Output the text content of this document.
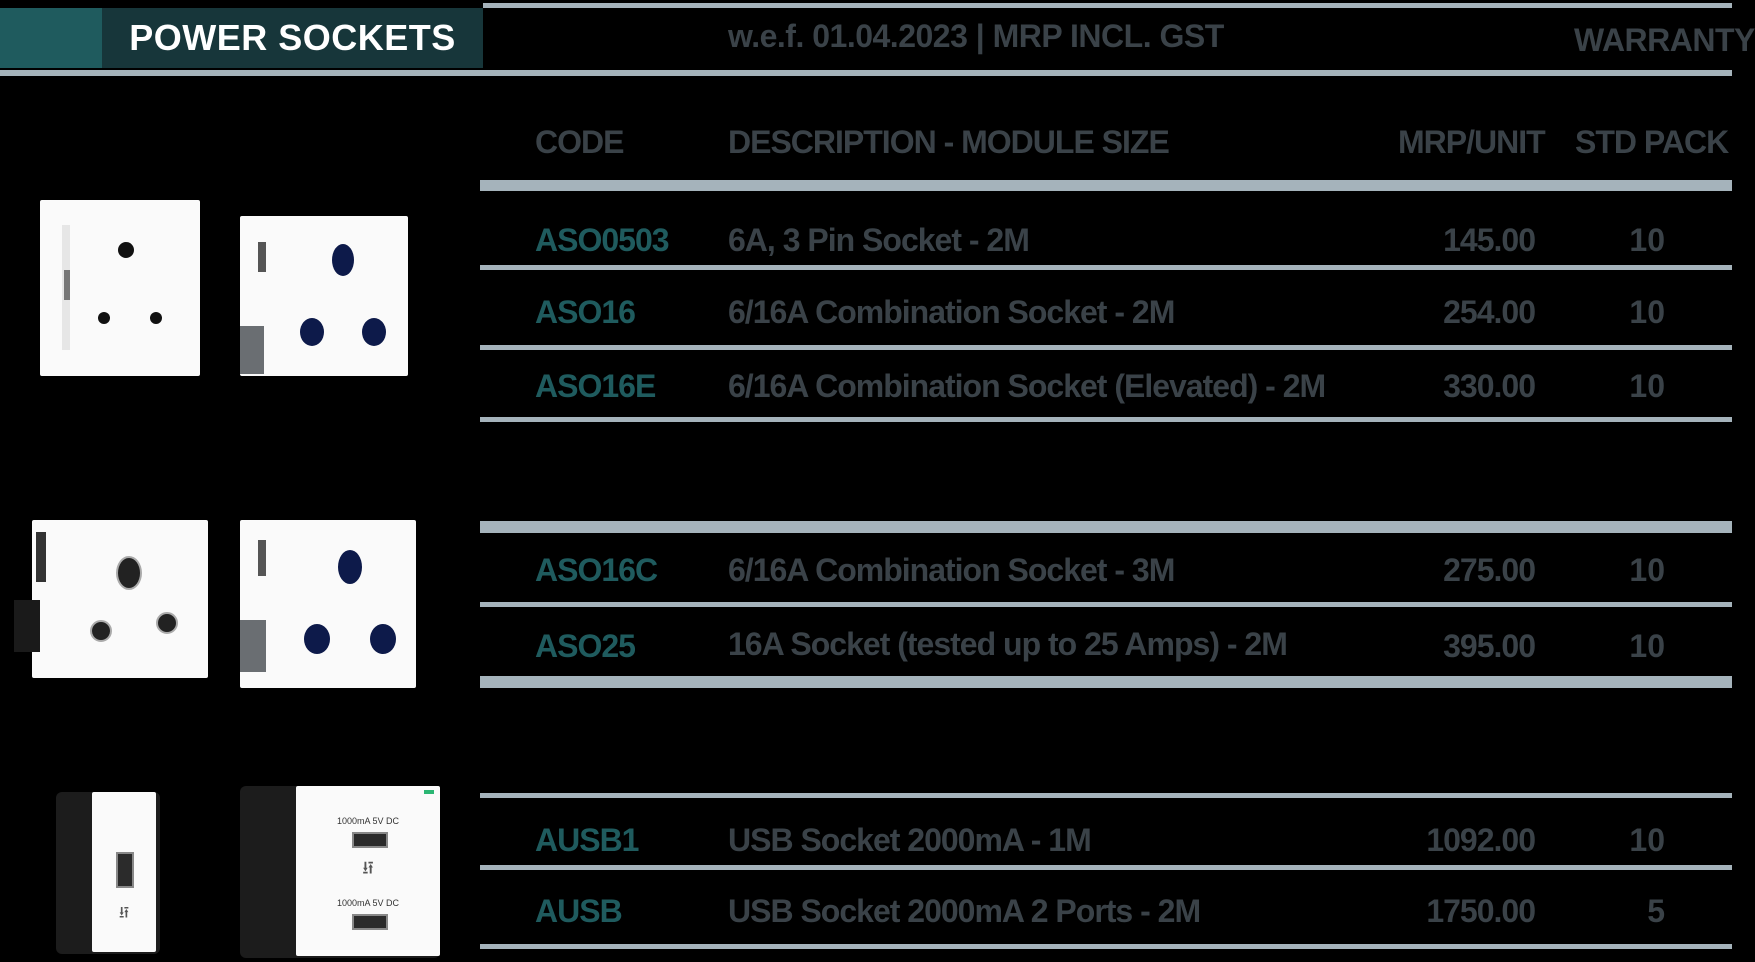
POWER SOCKETS	w.e.f. 01.04.2023 | MRP INCL. GST	WARRANTY
CODE	DESCRIPTION - MODULE SIZE	MRP/UNIT STD PACK
ASO0503 6A, 3 Pin Socket - 2M	145.00	10
ASO16	6/16A Combination Socket - 2M	254.00	10
ASO16E 6/16A Combination Socket (Elevated) - 2M	330.00	10
ASO16C 6/16A Combination Socket - 3M	275.00	10
ASO25	16A Socket (tested up to 25 Amps) - 2M	395.00	10
AUSB1	USB Socket 2000mA - 1M	1092.00	10
AUSB	USB Socket 2000mA 2 Ports - 2M	1750.00	5
⭿
1000mA 5V DC
⭿
1000mA 5V DC
